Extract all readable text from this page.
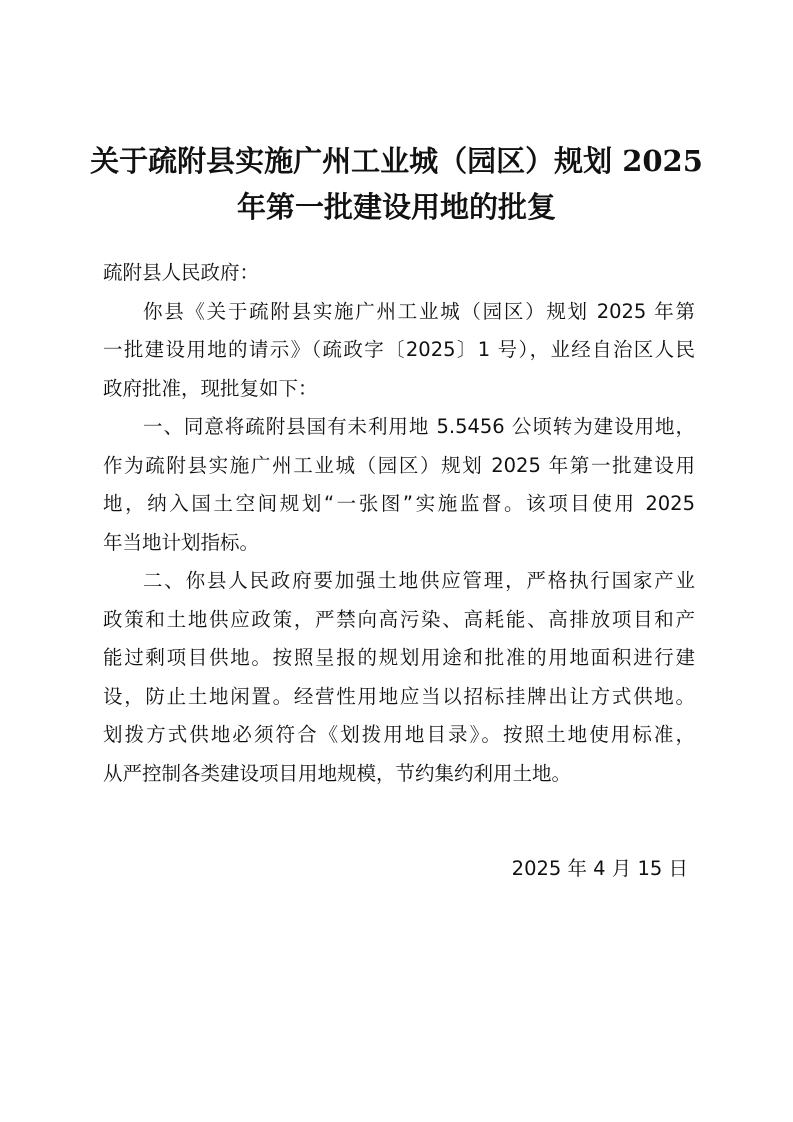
关于疏附县实施广州工业城（园区）规划 2025
年第一批建设用地的批复
疏附县人民政府：
你县《关于疏附县实施广州工业城（园区）规划 2025 年第
一批建设用地的请示》（疏政字〔2025〕1 号），业经自治区人民
政府批准，现批复如下：
一、同意将疏附县国有未利用地 5.5456 公顷转为建设用地，
作为疏附县实施广州工业城（园区）规划 2025 年第一批建设用
地，纳入国土空间规划“一张图”实施监督。该项目使用 2025
年当地计划指标。
二、你县人民政府要加强土地供应管理，严格执行国家产业
政策和土地供应政策，严禁向高污染、高耗能、高排放项目和产
能过剩项目供地。按照呈报的规划用途和批准的用地面积进行建
设，防止土地闲置。经营性用地应当以招标挂牌出让方式供地。
划拨方式供地必须符合《划拨用地目录》。按照土地使用标准，
从严控制各类建设项目用地规模，节约集约利用土地。
2025 年 4 月 15 日
